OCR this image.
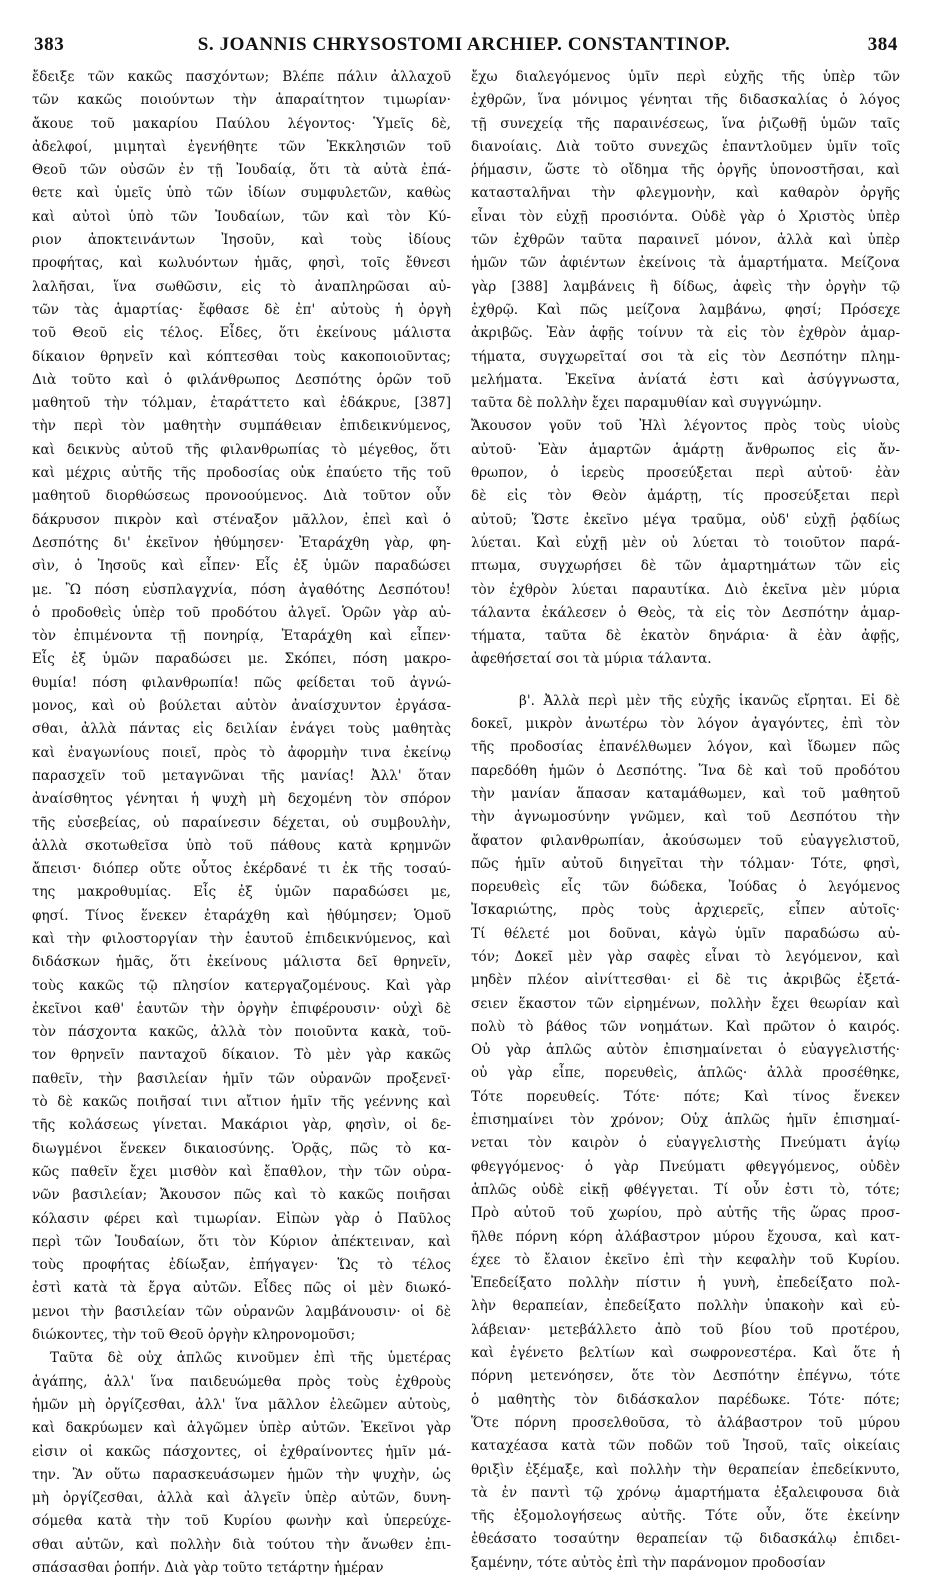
383	S. JOANNIS CHRYSOSTOMI ARCHIEP. CONSTANTINOP.	384
ἔδειξε τῶν κακῶς πασχόντων; Βλέπε πάλιν ἀλλαχοῦ
τῶν κακῶς ποιούντων τὴν ἀπαραίτητον τιμωρίαν·
ἄκουε τοῦ μακαρίου Παύλου λέγοντος· Ὑμεῖς δὲ,
ἀδελφοί, μιμηταὶ ἐγενήθητε τῶν Ἐκκλησιῶν τοῦ
Θεοῦ τῶν οὐσῶν ἐν τῇ Ἰουδαίᾳ, ὅτι τὰ αὐτὰ ἐπά-
θετε καὶ ὑμεῖς ὑπὸ τῶν ἰδίων συμφυλετῶν, καθὼς
καὶ αὐτοὶ ὑπὸ τῶν Ἰουδαίων, τῶν καὶ τὸν Κύ-
ριον ἀποκτεινάντων Ἰησοῦν, καὶ τοὺς ἰδίους
προφήτας, καὶ κωλυόντων ἡμᾶς, φησὶ, τοῖς ἔθνεσι
λαλῆσαι, ἵνα σωθῶσιν, εἰς τὸ ἀναπληρῶσαι αὐ-
τῶν τὰς ἁμαρτίας· ἔφθασε δὲ ἐπ' αὐτοὺς ἡ ὀργὴ
τοῦ Θεοῦ εἰς τέλος. Εἶδες, ὅτι ἐκείνους μάλιστα
δίκαιον θρηνεῖν καὶ κόπτεσθαι τοὺς κακοποιοῦντας;
Διὰ τοῦτο καὶ ὁ φιλάνθρωπος Δεσπότης ὁρῶν τοῦ
μαθητοῦ τὴν τόλμαν, ἐταράττετο καὶ ἐδάκρυε, [387]
τὴν περὶ τὸν μαθητὴν συμπάθειαν ἐπιδεικνύμενος,
καὶ δεικνὺς αὐτοῦ τῆς φιλανθρωπίας τὸ μέγεθος, ὅτι
καὶ μέχρις αὐτῆς τῆς προδοσίας οὐκ ἐπαύετο τῆς τοῦ
μαθητοῦ διορθώσεως προνοούμενος. Διὰ τοῦτον οὖν
δάκρυσον πικρὸν καὶ στέναξον μᾶλλον, ἐπεὶ καὶ ὁ
Δεσπότης δι' ἐκεῖνον ἠθύμησεν· Ἐταράχθη γὰρ, φη-
σὶν, ὁ Ἰησοῦς καὶ εἶπεν· Εἷς ἐξ ὑμῶν παραδώσει
με. Ὢ πόση εὐσπλαγχνία, πόση ἀγαθότης Δεσπότου!
ὁ προδοθεὶς ὑπὲρ τοῦ προδότου ἀλγεῖ. Ὁρῶν γὰρ αὐ-
τὸν ἐπιμένοντα τῇ πονηρίᾳ, Ἐταράχθη καὶ εἶπεν·
Εἷς ἐξ ὑμῶν παραδώσει με. Σκόπει, πόση μακρο-
θυμία! πόση φιλανθρωπία! πῶς φείδεται τοῦ ἀγνώ-
μονος, καὶ οὐ βούλεται αὐτὸν ἀναίσχυντον ἐργάσα-
σθαι, ἀλλὰ πάντας εἰς δειλίαν ἐνάγει τοὺς μαθητὰς
καὶ ἐναγωνίους ποιεῖ, πρὸς τὸ ἀφορμὴν τινα ἐκείνῳ
παρασχεῖν τοῦ μεταγνῶναι τῆς μανίας! Ἀλλ' ὅταν
ἀναίσθητος γένηται ἡ ψυχὴ μὴ δεχομένη τὸν σπόρον
τῆς εὐσεβείας, οὐ παραίνεσιν δέχεται, οὐ συμβουλὴν,
ἀλλὰ σκοτωθεῖσα ὑπὸ τοῦ πάθους κατὰ κρημνῶν
ἄπεισι· διόπερ οὔτε οὗτος ἐκέρδανέ τι ἐκ τῆς τοσαύ-
της μακροθυμίας. Εἷς ἐξ ὑμῶν παραδώσει με,
φησί. Τίνος ἕνεκεν ἐταράχθη καὶ ἠθύμησεν; Ὁμοῦ
καὶ τὴν φιλοστοργίαν τὴν ἑαυτοῦ ἐπιδεικνύμενος, καὶ
διδάσκων ἡμᾶς, ὅτι ἐκείνους μάλιστα δεῖ θρηνεῖν,
τοὺς κακῶς τῷ πλησίον κατεργαζομένους. Καὶ γὰρ
ἐκεῖνοι καθ' ἑαυτῶν τὴν ὀργὴν ἐπιφέρουσιν· οὐχὶ δὲ
τὸν πάσχοντα κακῶς, ἀλλὰ τὸν ποιοῦντα κακὰ, τοῦ-
τον θρηνεῖν πανταχοῦ δίκαιον. Τὸ μὲν γὰρ κακῶς
παθεῖν, τὴν βασιλείαν ἡμῖν τῶν οὐρανῶν προξενεῖ·
τὸ δὲ κακῶς ποιῆσαί τινι αἴτιον ἡμῖν τῆς γεέννης καὶ
τῆς κολάσεως γίνεται. Μακάριοι γὰρ, φησὶν, οἱ δε-
διωγμένοι ἕνεκεν δικαιοσύνης. Ὁρᾷς, πῶς τὸ κα-
κῶς παθεῖν ἔχει μισθὸν καὶ ἔπαθλον, τὴν τῶν οὐρα-
νῶν βασιλείαν; Ἄκουσον πῶς καὶ τὸ κακῶς ποιῆσαι
κόλασιν φέρει καὶ τιμωρίαν. Εἰπὼν γὰρ ὁ Παῦλος
περὶ τῶν Ἰουδαίων, ὅτι τὸν Κύριον ἀπέκτειναν, καὶ
τοὺς προφήτας ἐδίωξαν, ἐπήγαγεν· Ὥς τὸ τέλος
ἐστὶ κατὰ τὰ ἔργα αὐτῶν. Εἶδες πῶς οἱ μὲν διωκό-
μενοι τὴν βασιλείαν τῶν οὐρανῶν λαμβάνουσιν· οἱ δὲ
διώκοντες, τὴν τοῦ Θεοῦ ὀργὴν κληρονομοῦσι;
Ταῦτα δὲ οὐχ ἁπλῶς κινοῦμεν ἐπὶ τῆς ὑμετέρας
ἀγάπης, ἀλλ' ἵνα παιδευώμεθα πρὸς τοὺς ἐχθροὺς
ἡμῶν μὴ ὀργίζεσθαι, ἀλλ' ἵνα μᾶλλον ἐλεῶμεν αὐτοὺς,
καὶ δακρύωμεν καὶ ἀλγῶμεν ὑπὲρ αὐτῶν. Ἐκεῖνοι γὰρ
εἰσιν οἱ κακῶς πάσχοντες, οἱ ἐχθραίνοντες ἡμῖν μά-
την. Ἂν οὕτω παρασκευάσωμεν ἡμῶν τὴν ψυχὴν, ὡς
μὴ ὀργίζεσθαι, ἀλλὰ καὶ ἀλγεῖν ὑπὲρ αὐτῶν, δυνη-
σόμεθα κατὰ τὴν τοῦ Κυρίου φωνὴν καὶ ὑπερεύχε-
σθαι αὐτῶν, καὶ πολλὴν διὰ τούτου τὴν ἄνωθεν ἐπι-
σπάσασθαι ῥοπήν. Διὰ γὰρ τοῦτο τετάρτην ἡμέραν
ἔχω διαλεγόμενος ὑμῖν περὶ εὐχῆς τῆς ὑπὲρ τῶν
ἐχθρῶν, ἵνα μόνιμος γένηται τῆς διδασκαλίας ὁ λόγος
τῇ συνεχείᾳ τῆς παραινέσεως, ἵνα ῥιζωθῇ ὑμῶν ταῖς
διανοίαις. Διὰ τοῦτο συνεχῶς ἐπαντλοῦμεν ὑμῖν τοῖς
ῥήμασιν, ὥστε τὸ οἴδημα τῆς ὀργῆς ὑπονοστῆσαι, καὶ
κατασταλῆναι τὴν φλεγμονὴν, καὶ καθαρὸν ὀργῆς
εἶναι τὸν εὐχῇ προσιόντα. Οὐδὲ γὰρ ὁ Χριστὸς ὑπὲρ
τῶν ἐχθρῶν ταῦτα παραινεῖ μόνον, ἀλλὰ καὶ ὑπὲρ
ἡμῶν τῶν ἀφιέντων ἐκείνοις τὰ ἁμαρτήματα. Μείζονα
γὰρ [388] λαμβάνεις ἢ δίδως, ἀφεὶς τὴν ὀργὴν τῷ
ἐχθρῷ. Καὶ πῶς μείζονα λαμβάνω, φησί; Πρόσεχε
ἀκριβῶς. Ἐὰν ἀφῇς τοίνυν τὰ εἰς τὸν ἐχθρὸν ἁμαρ-
τήματα, συγχωρεῖταί σοι τὰ εἰς τὸν Δεσπότην πλημ-
μελήματα. Ἐκεῖνα ἀνίατά ἐστι καὶ ἀσύγγνωστα,
ταῦτα δὲ πολλὴν ἔχει παραμυθίαν καὶ συγγνώμην.
Ἄκουσον γοῦν τοῦ Ἠλὶ λέγοντος πρὸς τοὺς υἱοὺς
αὐτοῦ· Ἐὰν ἁμαρτῶν ἁμάρτῃ ἄνθρωπος εἰς ἄν-
θρωπον, ὁ ἱερεὺς προσεύξεται περὶ αὐτοῦ· ἐὰν
δὲ εἰς τὸν Θεὸν ἁμάρτῃ, τίς προσεύξεται περὶ
αὐτοῦ; Ὥστε ἐκεῖνο μέγα τραῦμα, οὐδ' εὐχῇ ῥᾳδίως
λύεται. Καὶ εὐχῇ μὲν οὐ λύεται τὸ τοιοῦτον παρά-
πτωμα, συγχωρήσει δὲ τῶν ἁμαρτημάτων τῶν εἰς
τὸν ἐχθρὸν λύεται παραυτίκα. Διὸ ἐκεῖνα μὲν μύρια
τάλαντα ἐκάλεσεν ὁ Θεὸς, τὰ εἰς τὸν Δεσπότην ἁμαρ-
τήματα, ταῦτα δὲ ἑκατὸν δηνάρια· ἃ ἐὰν ἀφῇς,
ἀφεθήσεταί σοι τὰ μύρια τάλαντα.
β'. Ἀλλὰ περὶ μὲν τῆς εὐχῆς ἱκανῶς εἴρηται. Εἰ δὲ
δοκεῖ, μικρὸν ἀνωτέρω τὸν λόγον ἀγαγόντες, ἐπὶ τὸν
τῆς προδοσίας ἐπανέλθωμεν λόγον, καὶ ἴδωμεν πῶς
παρεδόθη ἡμῶν ὁ Δεσπότης. Ἵνα δὲ καὶ τοῦ προδότου
τὴν μανίαν ἅπασαν καταμάθωμεν, καὶ τοῦ μαθητοῦ
τὴν ἀγνωμοσύνην γνῶμεν, καὶ τοῦ Δεσπότου τὴν
ἄφατον φιλανθρωπίαν, ἀκούσωμεν τοῦ εὐαγγελιστοῦ,
πῶς ἡμῖν αὐτοῦ διηγεῖται τὴν τόλμαν· Τότε, φησὶ,
πορευθεὶς εἷς τῶν δώδεκα, Ἰούδας ὁ λεγόμενος
Ἰσκαριώτης, πρὸς τοὺς ἀρχιερεῖς, εἶπεν αὐτοῖς·
Τί θέλετέ μοι δοῦναι, κἀγὼ ὑμῖν παραδώσω αὐ-
τόν; Δοκεῖ μὲν γὰρ σαφὲς εἶναι τὸ λεγόμενον, καὶ
μηδὲν πλέον αἰνίττεσθαι· εἰ δὲ τις ἀκριβῶς ἐξετά-
σειεν ἕκαστον τῶν εἰρημένων, πολλὴν ἔχει θεωρίαν καὶ
πολὺ τὸ βάθος τῶν νοημάτων. Καὶ πρῶτον ὁ καιρός.
Οὐ γὰρ ἁπλῶς αὐτὸν ἐπισημαίνεται ὁ εὐαγγελιστής·
οὐ γὰρ εἶπε, πορευθεὶς, ἁπλῶς· ἀλλὰ προσέθηκε,
Τότε πορευθείς. Τότε· πότε; Καὶ τίνος ἕνεκεν
ἐπισημαίνει τὸν χρόνον; Οὐχ ἁπλῶς ἡμῖν ἐπισημαί-
νεται τὸν καιρὸν ὁ εὐαγγελιστὴς Πνεύματι ἁγίῳ
φθεγγόμενος· ὁ γὰρ Πνεύματι φθεγγόμενος, οὐδὲν
ἁπλῶς οὐδὲ εἰκῇ φθέγγεται. Τί οὖν ἐστι τὸ, τότε;
Πρὸ αὐτοῦ τοῦ χωρίου, πρὸ αὐτῆς τῆς ὥρας προσ-
ῆλθε πόρνη κόρη ἀλάβαστρον μύρου ἔχουσα, καὶ κατ-
έχεε τὸ ἔλαιον ἐκεῖνο ἐπὶ τὴν κεφαλὴν τοῦ Κυρίου.
Ἐπεδείξατο πολλὴν πίστιν ἡ γυνὴ, ἐπεδείξατο πολ-
λὴν θεραπείαν, ἐπεδείξατο πολλὴν ὑπακοὴν καὶ εὐ-
λάβειαν· μετεβάλλετο ἀπὸ τοῦ βίου τοῦ προτέρου,
καὶ ἐγένετο βελτίων καὶ σωφρονεστέρα. Καὶ ὅτε ἡ
πόρνη μετενόησεν, ὅτε τὸν Δεσπότην ἐπέγνω, τότε
ὁ μαθητὴς τὸν διδάσκαλον παρέδωκε. Τότε· πότε;
Ὅτε πόρνη προσελθοῦσα, τὸ ἀλάβαστρον τοῦ μύρου
καταχέασα κατὰ τῶν ποδῶν τοῦ Ἰησοῦ, ταῖς οἰκείαις
θριξὶν ἐξέμαξε, καὶ πολλὴν τὴν θεραπείαν ἐπεδείκνυτο,
τὰ ἐν παντὶ τῷ χρόνῳ ἁμαρτήματα ἐξαλειφουσα διὰ
τῆς ἐξομολογήσεως αὐτῆς. Τότε οὖν, ὅτε ἐκείνην
ἐθεάσατο τοσαύτην θεραπείαν τῷ διδασκάλῳ ἐπιδει-
ξαμένην, τότε αὐτὸς ἐπὶ τὴν παράνομον προδοσίαν
